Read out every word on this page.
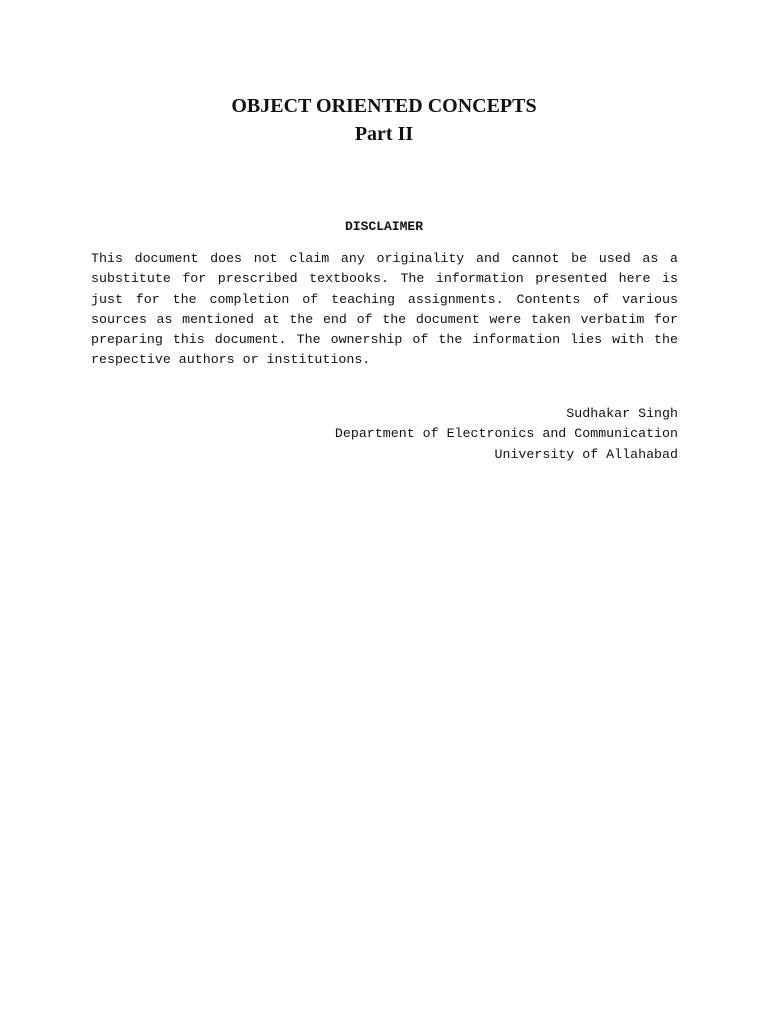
OBJECT ORIENTED CONCEPTS
Part II
DISCLAIMER

This document does not claim any originality and cannot be used as a substitute for prescribed textbooks. The information presented here is just for the completion of teaching assignments. Contents of various sources as mentioned at the end of the document were taken verbatim for preparing this document. The ownership of the information lies with the respective authors or institutions.

Sudhakar Singh
Department of Electronics and Communication
University of Allahabad
